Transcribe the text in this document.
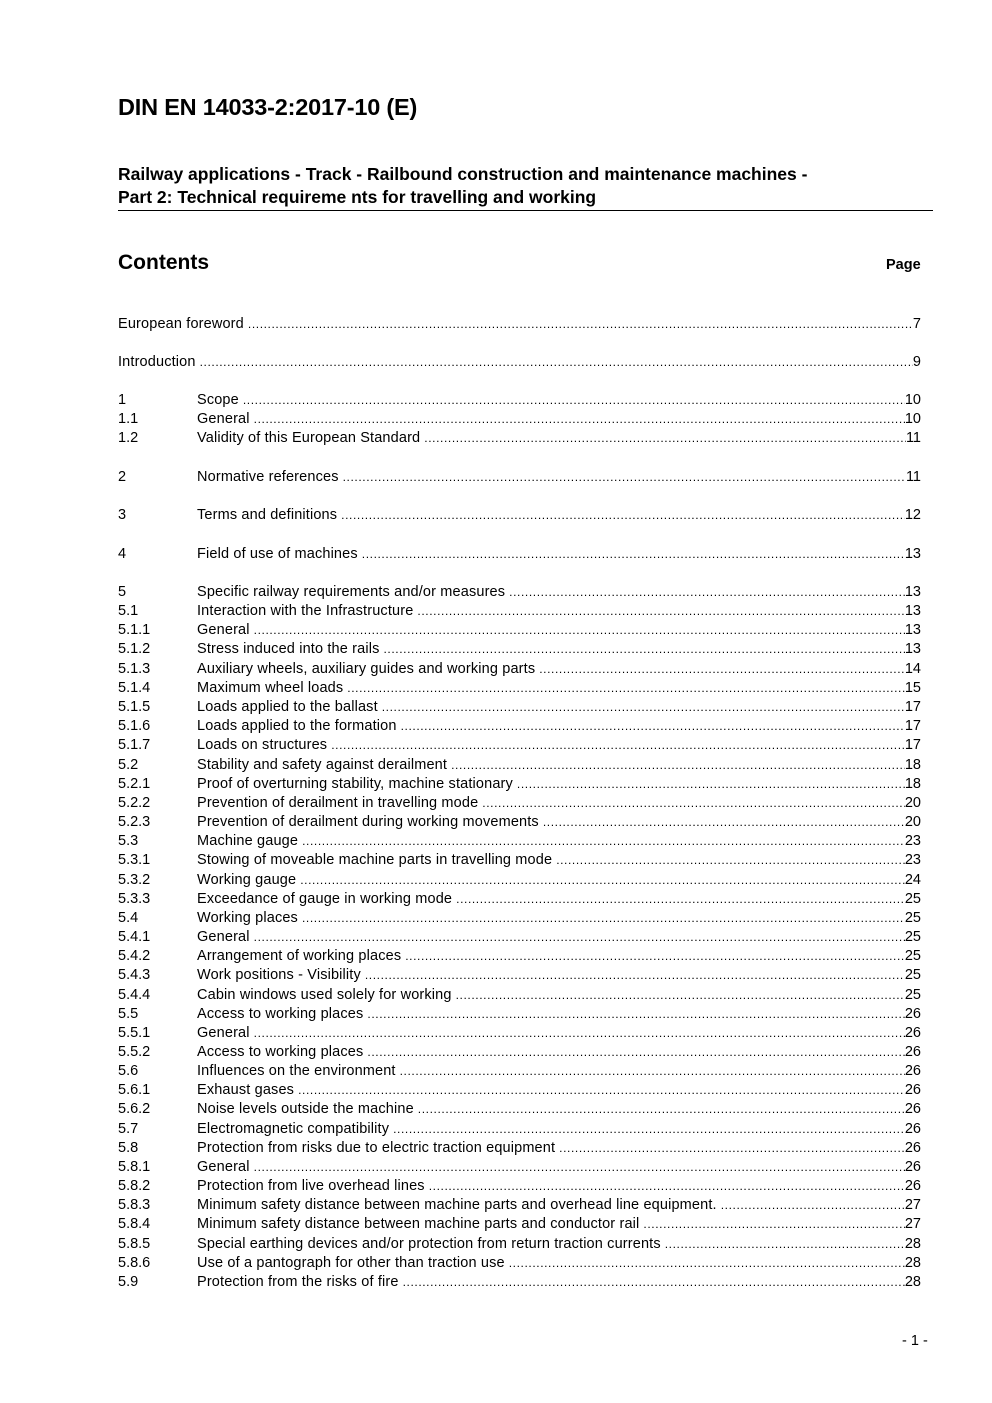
DIN EN 14033-2:2017-10 (E)
Railway applications - Track - Railbound construction and maintenance machines -
Part 2: Technical requireme nts for travelling and working
Contents	Page
European foreword .....	7
Introduction .....	9
1	Scope .....	10
1.1	General .....	10
1.2	Validity of this European Standard .....	11
2	Normative references .....	11
3	Terms and definitions .....	12
4	Field of use of machines .....	13
5	Specific railway requirements and/or measures .....	13
5.1	Interaction with the Infrastructure .....	13
5.1.1	General .....	13
5.1.2	Stress induced into the rails .....	13
5.1.3	Auxiliary wheels, auxiliary guides and working parts .....	14
5.1.4	Maximum wheel loads .....	15
5.1.5	Loads applied to the ballast .....	17
5.1.6	Loads applied to the formation .....	17
5.1.7	Loads on structures .....	17
5.2	Stability and safety against derailment .....	18
5.2.1	Proof of overturning stability, machine stationary .....	18
5.2.2	Prevention of derailment in travelling mode .....	20
5.2.3	Prevention of derailment during working movements .....	20
5.3	Machine gauge .....	23
5.3.1	Stowing of moveable machine parts in travelling mode .....	23
5.3.2	Working gauge .....	24
5.3.3	Exceedance of gauge in working mode .....	25
5.4	Working places .....	25
5.4.1	General .....	25
5.4.2	Arrangement of working places .....	25
5.4.3	Work positions - Visibility .....	25
5.4.4	Cabin windows used solely for working .....	25
5.5	Access to working places .....	26
5.5.1	General .....	26
5.5.2	Access to working places .....	26
5.6	Influences on the environment .....	26
5.6.1	Exhaust gases .....	26
5.6.2	Noise levels outside the machine .....	26
5.7	Electromagnetic compatibility .....	26
5.8	Protection from risks due to electric traction equipment .....	26
5.8.1	General .....	26
5.8.2	Protection from live overhead lines .....	26
5.8.3	Minimum safety distance between machine parts and overhead line equipment. .....	27
5.8.4	Minimum safety distance between machine parts and conductor rail .....	27
5.8.5	Special earthing devices and/or protection from return traction currents .....	28
5.8.6	Use of a pantograph for other than traction use .....	28
5.9	Protection from the risks of fire .....	28
- 1 -
